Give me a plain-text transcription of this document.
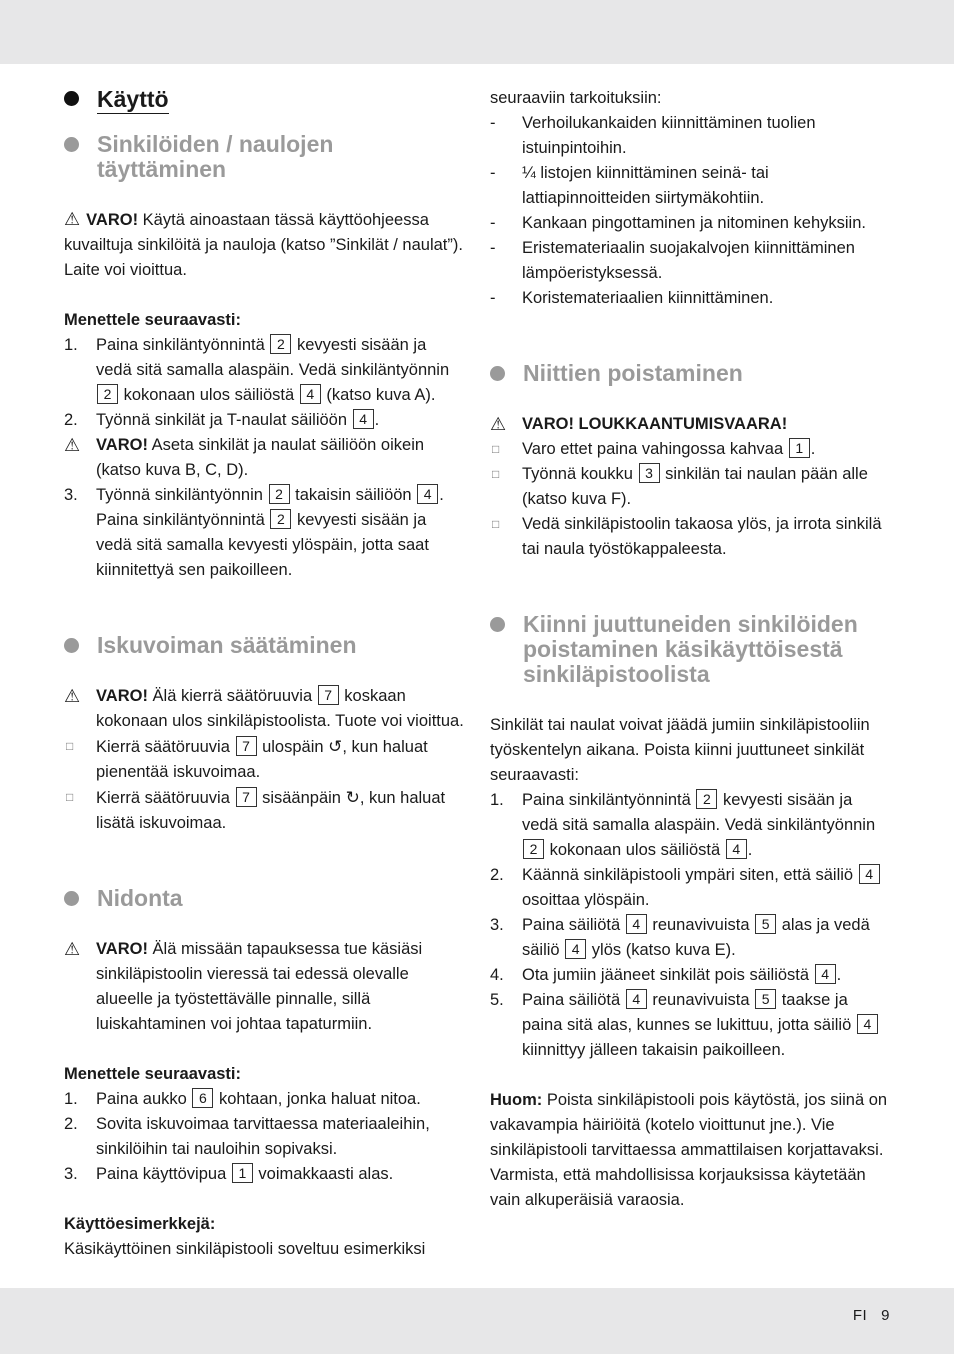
Käyttö
Sinkilöiden / naulojen täyttäminen

⚠ VARO! Käytä ainoastaan tässä käyttöohjeessa kuvailtuja sinkilöitä ja nauloja (katso ”Sinkilät / naulat”). Laite voi vioittua.

Menettele seuraavasti:

1. Paina sinkiläntyönnintä 2 kevyesti sisään ja vedä sitä samalla alaspäin. Vedä sinkiläntyönnin 2 kokonaan ulos säiliöstä 4 (katso kuva A).
2. Työnnä sinkilät ja T-naulat säiliöön 4 .
⚠ VARO! Aseta sinkilät ja naulat säiliöön oikein (katso kuva B, C, D).
3. Työnnä sinkiläntyönnin 2 takaisin säiliöön 4 . Paina sinkiläntyönnintä 2 kevyesti sisään ja vedä sitä samalla kevyesti ylöspäin, jotta saat kiinnitettyä sen paikoilleen.
Iskuvoiman säätäminen
⚠ VARO! Älä kierrä säätöruuvia 7 koskaan kokonaan ulos sinkiläpistoolista. Tuote voi vioittua.
□ Kierrä säätöruuvia 7 ulospäin ↺, kun haluat pienentää iskuvoimaa.
□ Kierrä säätöruuvia 7 sisäänpäin ↻, kun haluat lisätä iskuvoimaa.
Nidonta
⚠ VARO! Älä missään tapauksessa tue käsiäsi sinkiläpistoolin vieressä tai edessä olevalle alueelle ja työstettävälle pinnalle, sillä luiskahtaminen voi johtaa tapaturmiin.

Menettele seuraavasti:

1. Paina aukko 6 kohtaan, jonka haluat nitoa.
2. Sovita iskuvoimaa tarvittaessa materiaaleihin, sinkilöihin tai nauloihin sopivaksi.
3. Paina käyttövipua 1 voimakkaasti alas.

Käyttöesimerkkejä:

Käsikäyttöinen sinkiläpistooli soveltuu esimerkiksi

seuraaviin tarkoituksiin:

- Verhoilukankaiden kiinnittäminen tuolien istuinpintoihin.
- ¼ listojen kiinnittäminen seinä- tai lattiapinnoitteiden siirtymäkohtiin.
- Kankaan pingottaminen ja nitominen kehyksiin.
- Eristemateriaalin suojakalvojen kiinnittäminen lämpöeristyksessä.
- Koristemateriaalien kiinnittäminen.
Niittien poistaminen
⚠ VARO! LOUKKAANTUMISVAARA!
□ Varo ettet paina vahingossa kahvaa 1 .
□ Työnnä koukku 3 sinkilän tai naulan pään alle (katso kuva F).
□ Vedä sinkiläpistoolin takaosa ylös, ja irrota sinkilä tai naula työstökappaleesta.
Kiinni juuttuneiden sinkilöiden poistaminen käsikäyttöisestä sinkiläpistoolista

Sinkilät tai naulat voivat jäädä jumiin sinkiläpistooliin työskentelyn aikana. Poista kiinni juuttuneet sinkilät seuraavasti:

1. Paina sinkiläntyönnintä 2 kevyesti sisään ja vedä sitä samalla alaspäin. Vedä sinkiläntyönnin 2 kokonaan ulos säiliöstä 4 .
2. Käännä sinkiläpistooli ympäri siten, että säiliö 4 osoittaa ylöspäin.
3. Paina säiliötä 4 reunavivuista 5 alas ja vedä säiliö 4 ylös (katso kuva E).
4. Ota jumiin jääneet sinkilät pois säiliöstä 4 .
5. Paina säiliötä 4 reunavivuista 5 taakse ja paina sitä alas, kunnes se lukittuu, jotta säiliö 4 kiinnittyy jälleen takaisin paikoilleen.

Huom: Poista sinkiläpistooli pois käytöstä, jos siinä on vakavampia häiriöitä (kotelo vioittunut jne.). Vie sinkiläpistooli tarvittaessa ammattilaisen korjattavaksi. Varmista, että mahdollisissa korjauksissa käytetään vain alkuperäisiä varaosia.

FI 9
